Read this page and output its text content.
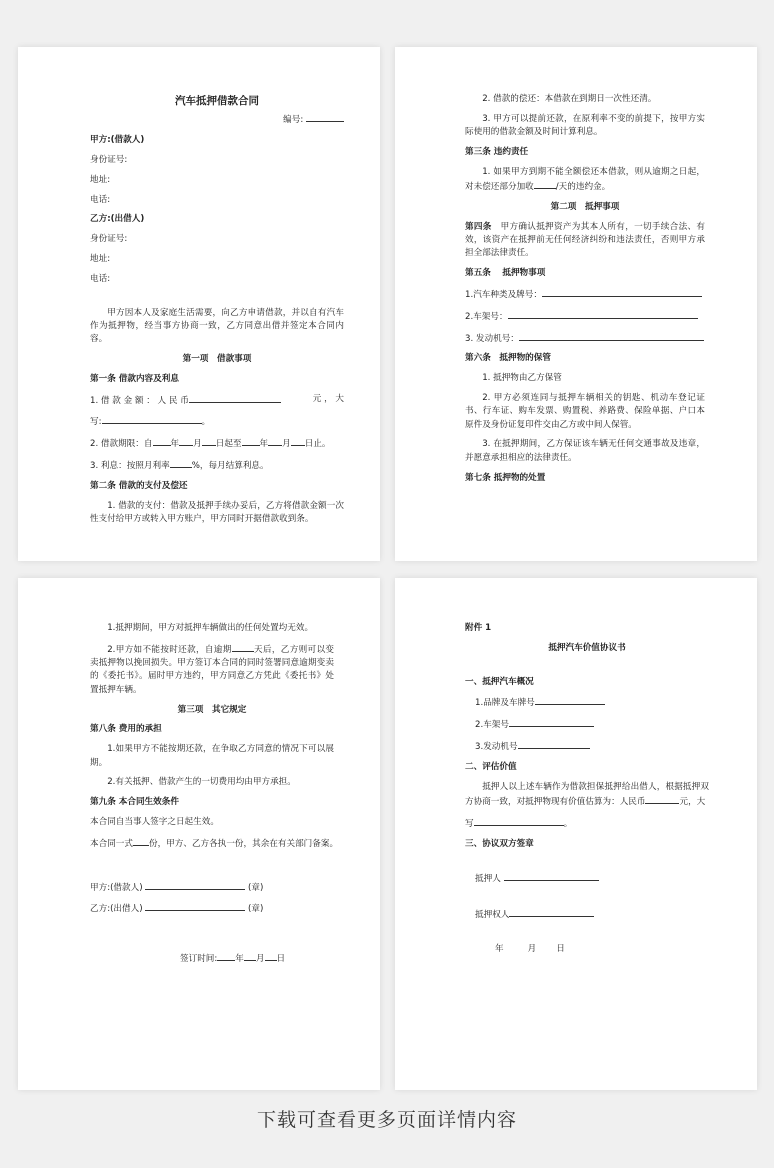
汽车抵押借款合同
编号:
甲方:(借款人)
身份证号:
地址:
电话:
乙方:(出借人)
身份证号:
地址:
电话:
甲方因本人及家庭生活需要，向乙方申请借款，并以自有汽车作为抵押物，经当事方协商一致，乙方同意出借并签定本合同内容。
第一项　借款事项
第一条 借款内容及利息
1. 借 款 金 额 ： 人 民 币	元 ， 大
写:	。
2. 借款期限：自 年 月 日起至 年 月 日止。
3. 利息：按照月利率	%，每月结算利息。
第二条 借款的支付及偿还
1. 借款的支付：借款及抵押手续办妥后，乙方将借款金额一次性支付给甲方或转入甲方账户，甲方同时开据借款收到条。
2. 借款的偿还：本借款在到期日一次性还清。
3. 甲方可以提前还款，在原利率不变的前提下，按甲方实际使用的借款金额及时间计算利息。
第三条 违约责任
1. 如果甲方到期不能全额偿还本借款，则从逾期之日起，对未偿还部分加收	/天的违约金。
第二项　抵押事项
第四条　 甲方确认抵押资产为其本人所有，一切手续合法、有效，该资产在抵押前无任何经济纠纷和违法责任，否则甲方承担全部法律责任。
第五条　 抵押物事项
1.汽车种类及牌号：
2.车架号：
3. 发动机号：
第六条　抵押物的保管
1. 抵押物由乙方保管
2. 甲方必须连同与抵押车辆相关的钥匙、机动车登记证书、行车证、购车发票、购置税、养路费、保险单据、户口本原件及身份证复印件交由乙方或中间人保管。
3. 在抵押期间，乙方保证该车辆无任何交通事故及违章，并愿意承担相应的法律责任。
第七条 抵押物的处置
1.抵押期间，甲方对抵押车辆做出的任何处置均无效。
2.甲方如不能按时还款，自逾期	天后，乙方则可以变卖抵押物以挽回损失。甲方签订本合同的同时签署同意逾期变卖的《委托书》。届时甲方违约，甲方同意乙方凭此《委托书》处置抵押车辆。
第三项　其它规定
第八条 费用的承担
1.如果甲方不能按期还款，在争取乙方同意的情况下可以展期。
2.有关抵押、借款产生的一切费用均由甲方承担。
第九条 本合同生效条件
本合同自当事人签字之日起生效。
本合同一式 份，甲方、乙方各执一份，其余在有关部门备案。
甲方:(借款人)	(章)
乙方:(出借人)	(章)
签订时间: 年 月 日
附件 1
抵押汽车价值协议书
一、抵押汽车概况
1.品牌及车牌号
2.车架号
3.发动机号
二、评估价值
抵押人以上述车辆作为借款担保抵押给出借人，根据抵押双方协商一致，对抵押物现有价值估算为：人民币	元，大
写	。
三、协议双方签章
抵押人
抵押权人
年	月 日
下载可查看更多页面详情内容
